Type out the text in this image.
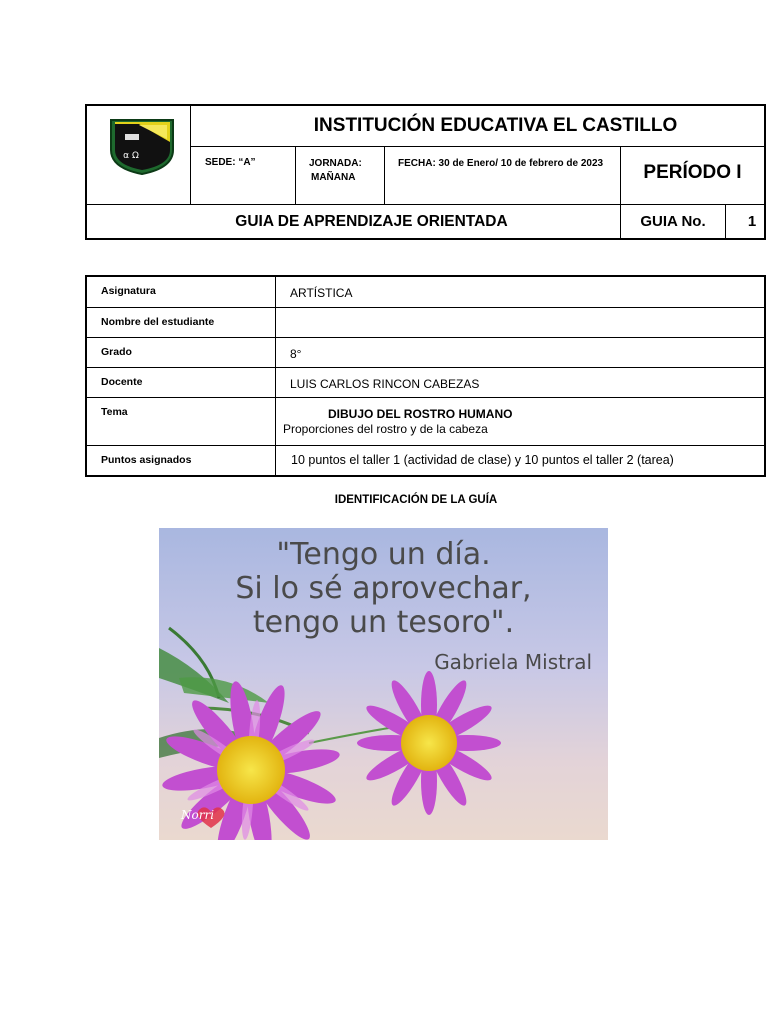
α Ω
INSTITUCIÓN EDUCATIVA EL CASTILLO
SEDE: “A”	JORNADA:
MAÑANA
FECHA: 30 de Enero/ 10 de febrero de 2023	PERÍODO I
GUIA DE APRENDIZAJE ORIENTADA	GUIA No.	1
Asignatura	ARTÍSTICA
Nombre del estudiante
Grado	8°
Docente	LUIS CARLOS RINCON CABEZAS
Tema	DIBUJO DEL ROSTRO HUMANO
Proporciones del rostro y de la cabeza
Puntos asignados	10 puntos el taller 1 (actividad de clase) y 10 puntos el taller 2 (tarea)
IDENTIFICACIÓN DE LA GUÍA
"Tengo un día.
Si lo sé aprovechar,
tengo un tesoro".
Gabriela Mistral
Norri
